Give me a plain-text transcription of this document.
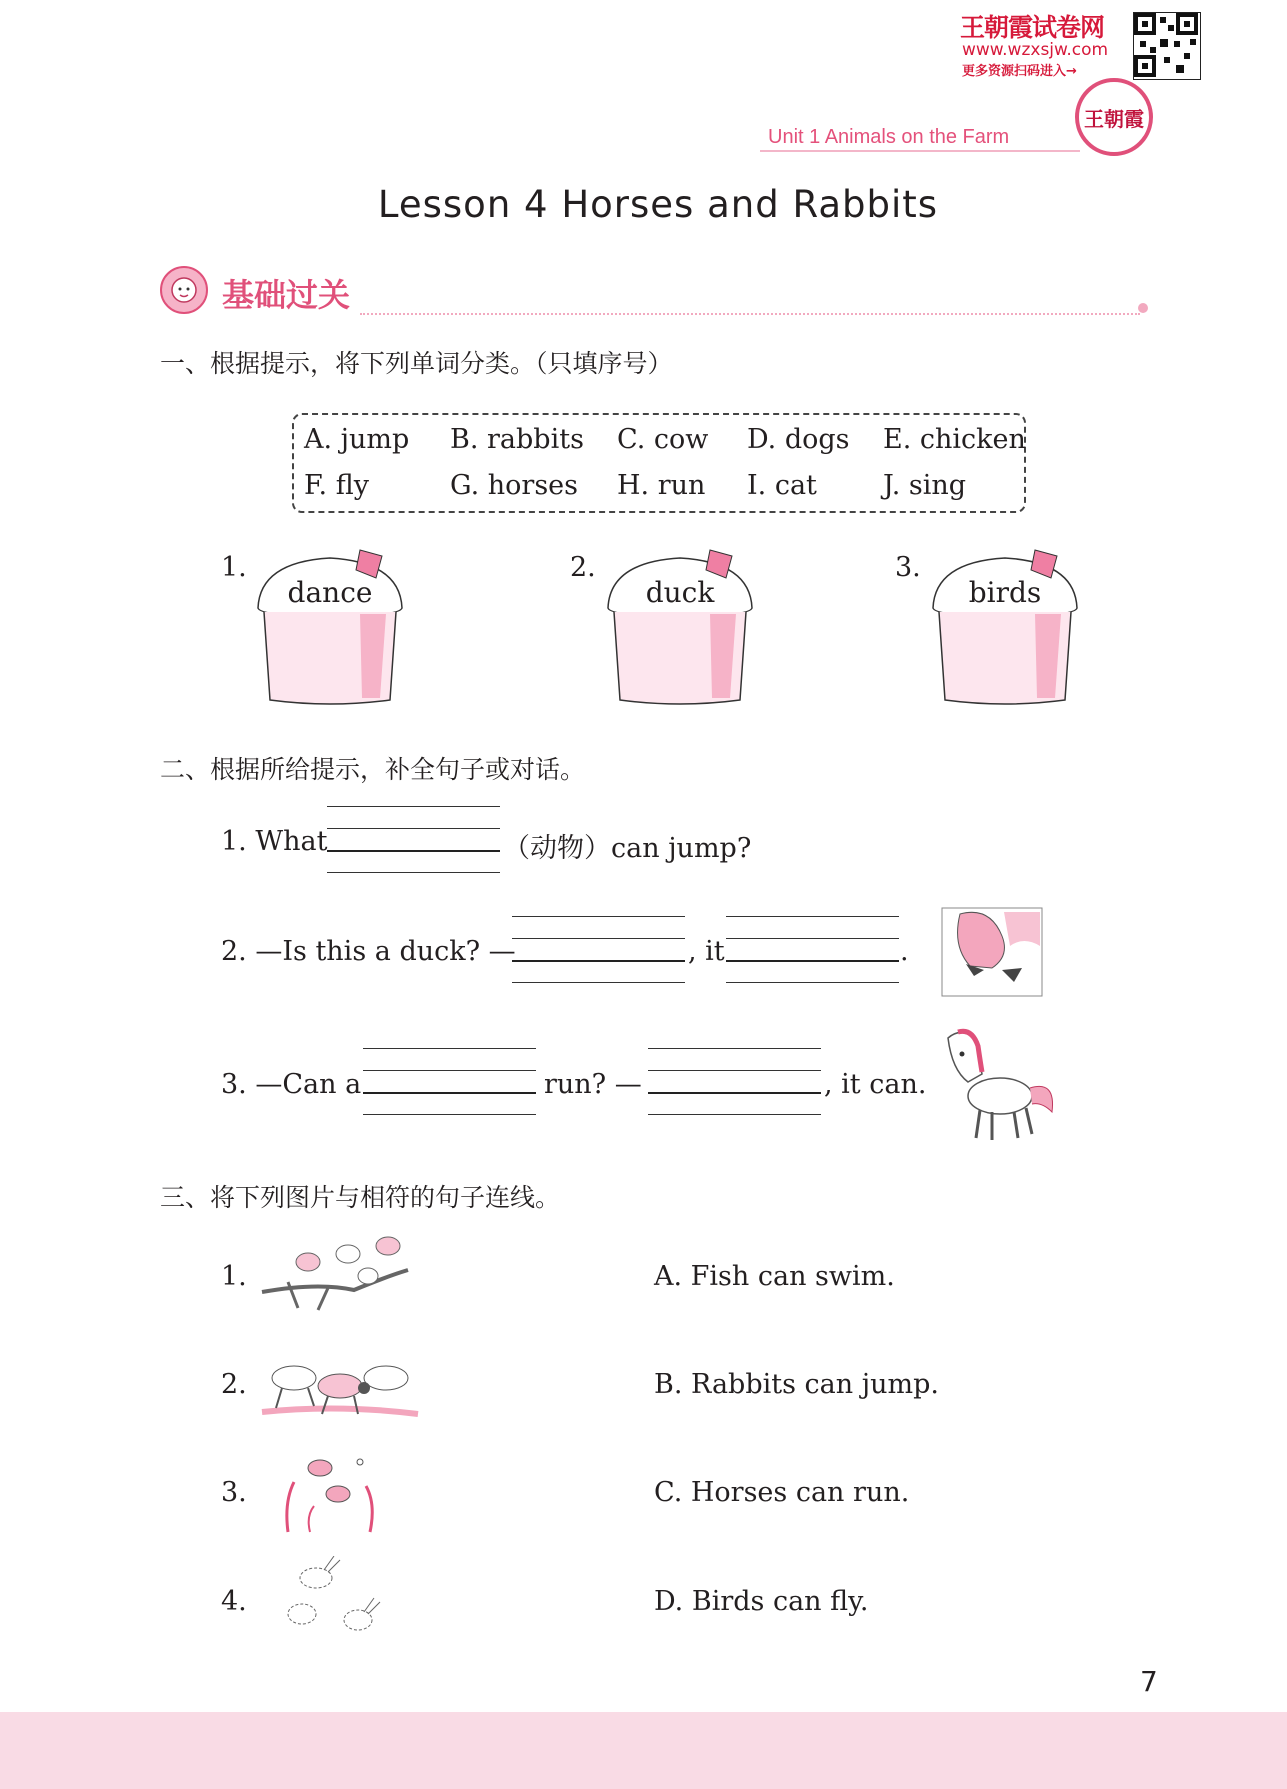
王朝霞试卷网
www.wzxsjw.com
更多资源扫码进入→
王朝霞
Unit 1 Animals on the Farm
Lesson 4 Horses and Rabbits
基础过关
一、根据提示，将下列单词分类。（只填序号）
A. jump B. rabbits C. cow D. dogs E. chicken
F. fly	G. horses H. run I. cat J. sing
1.
dance
2.
duck
3.
birds
二、根据所给提示，补全句子或对话。
1. What	（动物）can jump?
2. —Is this a duck? —	, it	.
3. —Can a	run? —	, it can.
三、将下列图片与相符的句子连线。
1.	A. Fish can swim.
2.	B. Rabbits can jump.
3.	C. Horses can run.
4.	D. Birds can fly.
7
